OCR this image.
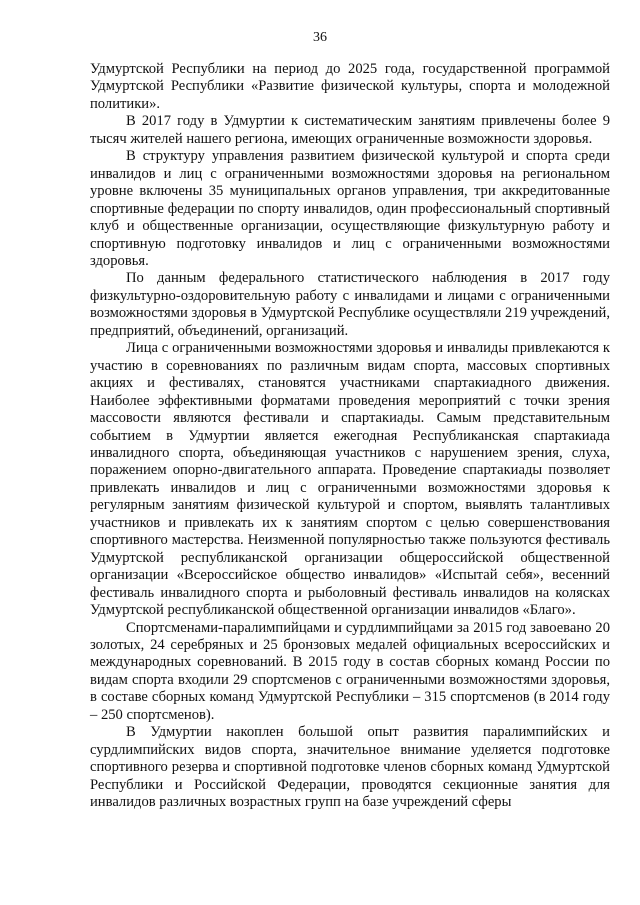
36

Удмуртской Республики на период до 2025 года, государственной программой Удмуртской Республики «Развитие физической культуры, спорта и молодежной политики».

В 2017 году в Удмуртии к систематическим занятиям привлечены более 9 тысяч жителей нашего региона, имеющих ограниченные возможности здоровья.

В структуру управления развитием физической культурой и спорта среди инвалидов и лиц с ограниченными возможностями здоровья на региональном уровне включены 35 муниципальных органов управления, три аккредитованные спортивные федерации по спорту инвалидов, один профессиональный спортивный клуб и общественные организации, осуществляющие физкультурную работу и спортивную подготовку инвалидов и лиц с ограниченными возможностями здоровья.

По данным федерального статистического наблюдения в 2017 году физкультурно-оздоровительную работу с инвалидами и лицами с ограниченными возможностями здоровья в Удмуртской Республике осуществляли 219 учреждений, предприятий, объединений, организаций.

Лица с ограниченными возможностями здоровья и инвалиды привлекаются к участию в соревнованиях по различным видам спорта, массовых спортивных акциях и фестивалях, становятся участниками спартакиадного движения. Наиболее эффективными форматами проведения мероприятий с точки зрения массовости являются фестивали и спартакиады. Самым представительным событием в Удмуртии является ежегодная Республиканская спартакиада инвалидного спорта, объединяющая участников с нарушением зрения, слуха, поражением опорно-двигательного аппарата. Проведение спартакиады позволяет привлекать инвалидов и лиц с ограниченными возможностями здоровья к регулярным занятиям физической культурой и спортом, выявлять талантливых участников и привлекать их к занятиям спортом с целью совершенствования спортивного мастерства. Неизменной популярностью также пользуются фестиваль Удмуртской республиканской организации общероссийской общественной организации «Всероссийское общество инвалидов» «Испытай себя», весенний фестиваль инвалидного спорта и рыболовный фестиваль инвалидов на колясках Удмуртской республиканской общественной организации инвалидов «Благо».

Спортсменами-паралимпийцами и сурдлимпийцами за 2015 год завоевано 20 золотых, 24 серебряных и 25 бронзовых медалей официальных всероссийских и международных соревнований. В 2015 году в состав сборных команд России по видам спорта входили 29 спортсменов с ограниченными возможностями здоровья, в составе сборных команд Удмуртской Республики – 315 спортсменов (в 2014 году – 250 спортсменов).

В Удмуртии накоплен большой опыт развития паралимпийских и сурдлимпийских видов спорта, значительное внимание уделяется подготовке спортивного резерва и спортивной подготовке членов сборных команд Удмуртской Республики и Российской Федерации, проводятся секционные занятия для инвалидов различных возрастных групп на базе учреждений сферы
